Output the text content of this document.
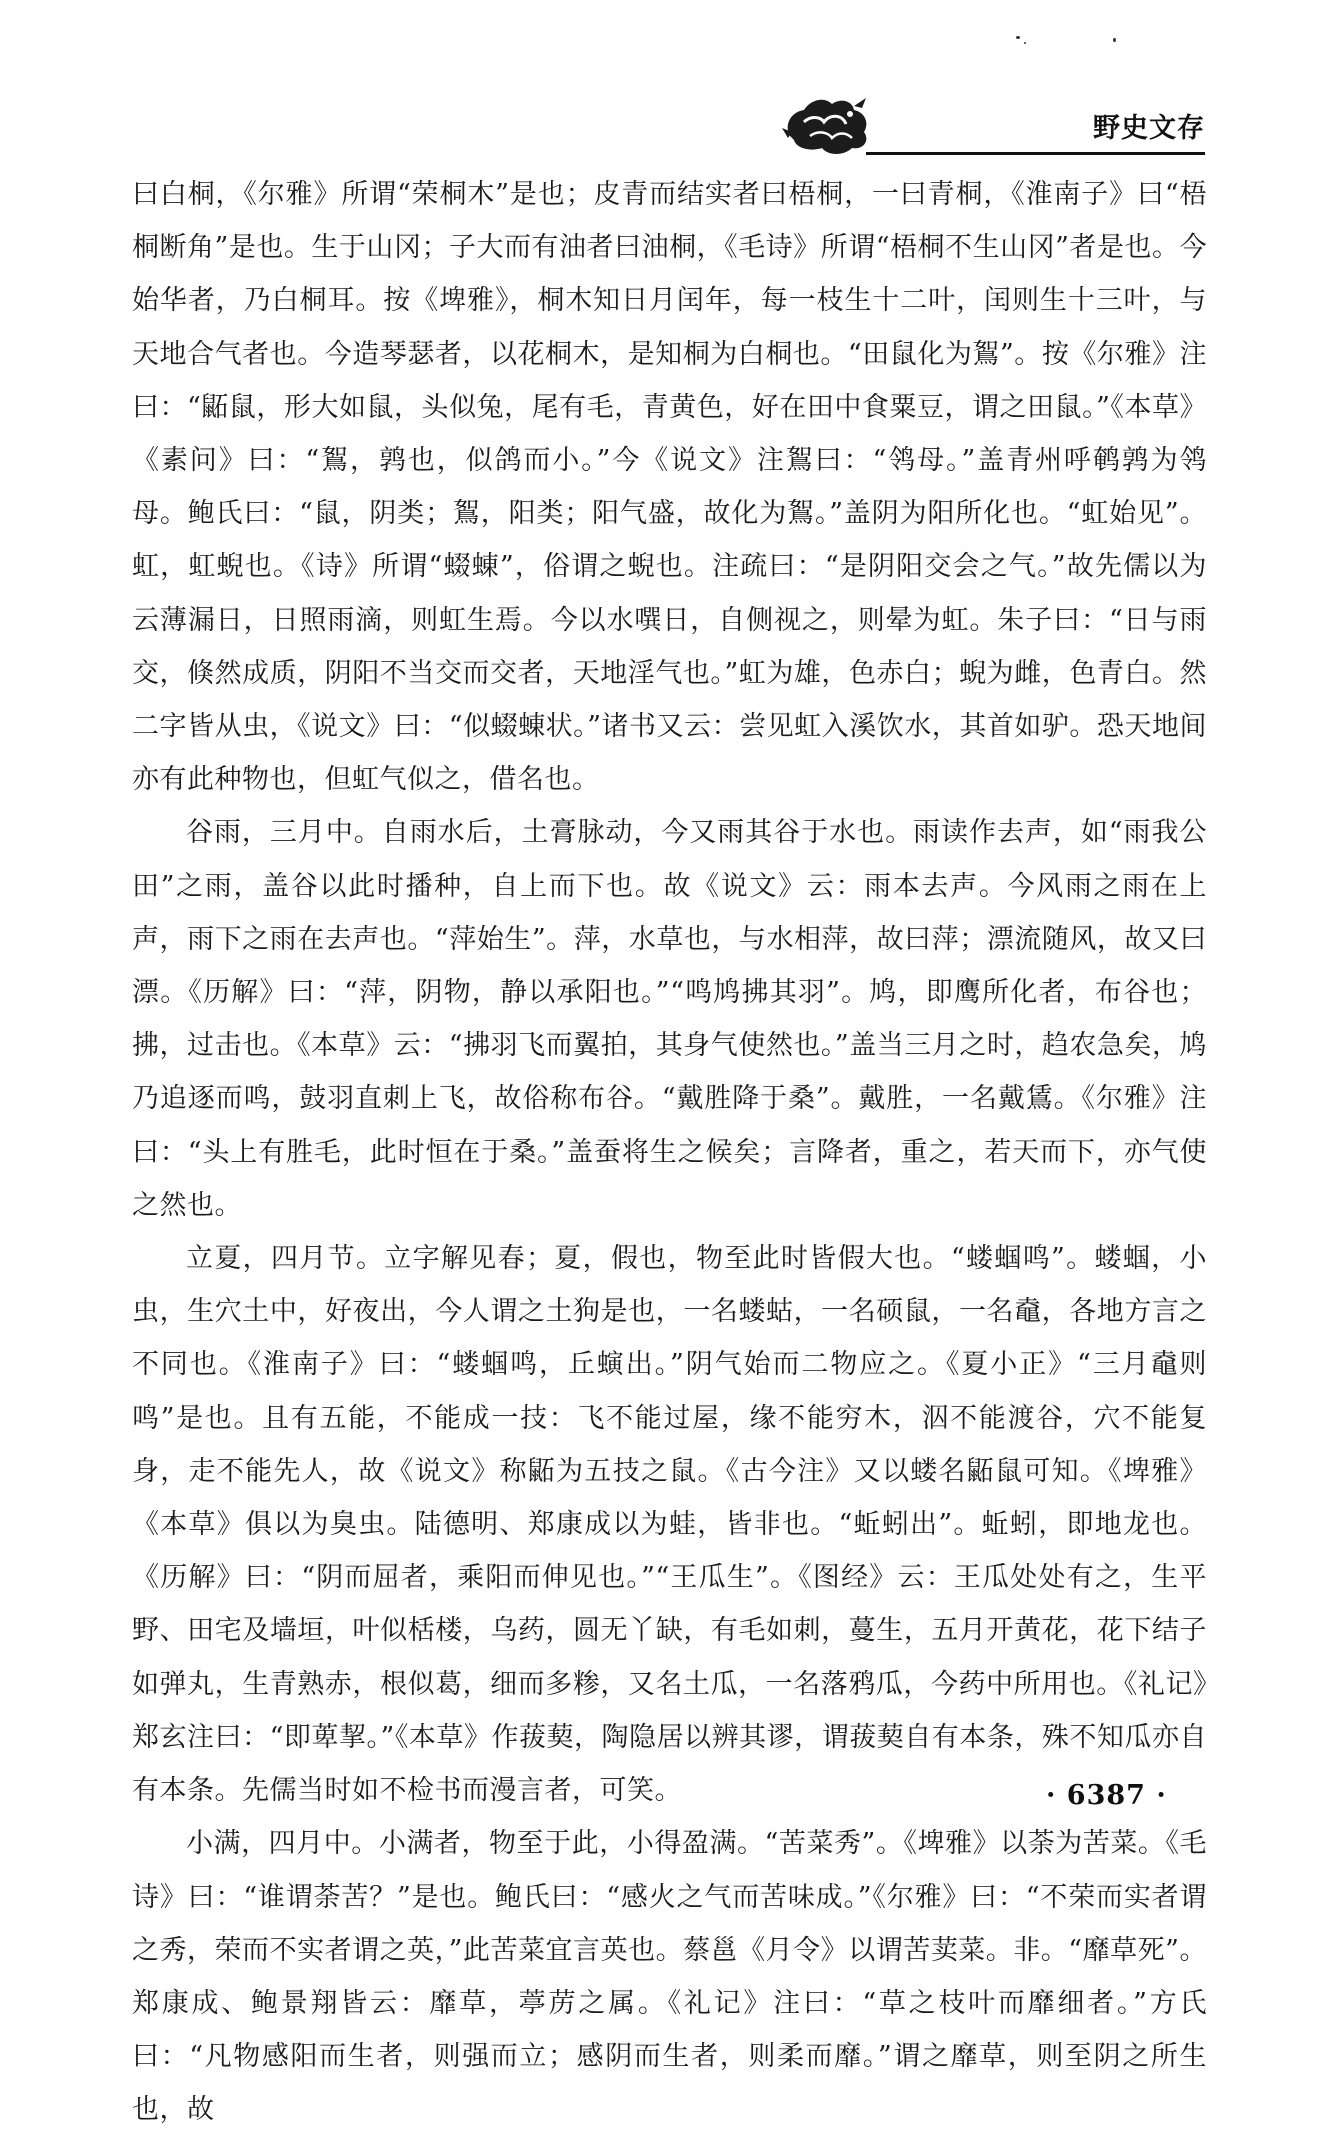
野史文存

曰白桐，《尔雅》所谓“荣桐木”是也；皮青而结实者曰梧桐，一曰青桐，《淮南子》曰“梧桐断角”是也。生于山冈；子大而有油者曰油桐，《毛诗》所谓“梧桐不生山冈”者是也。今始华者，乃白桐耳。按《埤雅》，桐木知日月闰年，每一枝生十二叶，闰则生十三叶，与天地合气者也。今造琴瑟者，以花桐木，是知桐为白桐也。“田鼠化为鴽”。按《尔雅》注曰：“鼫鼠，形大如鼠，头似兔，尾有毛，青黄色，好在田中食粟豆，谓之田鼠。”《本草》《素问》曰：“鴽，鹑也，似鸽而小。”今《说文》注鴽曰：“鸰母。”盖青州呼鹌鹑为鸰母。鲍氏曰：“鼠，阴类；鴽，阳类；阳气盛，故化为鴽。”盖阴为阳所化也。“虹始见”。虹，虹蜺也。《诗》所谓“蝃蝀”，俗谓之蜺也。注疏曰：“是阴阳交会之气。”故先儒以为云薄漏日，日照雨滴，则虹生焉。今以水噀日，自侧视之，则晕为虹。朱子曰：“日与雨交，倏然成质，阴阳不当交而交者，天地淫气也。”虹为雄，色赤白；蜺为雌，色青白。然二字皆从虫，《说文》曰：“似蝃蝀状。”诸书又云：尝见虹入溪饮水，其首如驴。恐天地间亦有此种物也，但虹气似之，借名也。

谷雨，三月中。自雨水后，土膏脉动，今又雨其谷于水也。雨读作去声，如“雨我公田”之雨，盖谷以此时播种，自上而下也。故《说文》云：雨本去声。今风雨之雨在上声，雨下之雨在去声也。“萍始生”。萍，水草也，与水相萍，故曰萍；漂流随风，故又曰漂。《历解》曰：“萍，阴物，静以承阳也。”“鸣鸠拂其羽”。鸠，即鹰所化者，布谷也；拂，过击也。《本草》云：“拂羽飞而翼拍，其身气使然也。”盖当三月之时，趋农急矣，鸠乃追逐而鸣，鼓羽直刺上飞，故俗称布谷。“戴胜降于桑”。戴胜，一名戴鵀。《尔雅》注曰：“头上有胜毛，此时恒在于桑。”盖蚕将生之候矣；言降者，重之，若天而下，亦气使之然也。

立夏，四月节。立字解见春；夏，假也，物至此时皆假大也。“蝼蝈鸣”。蝼蝈，小虫，生穴土中，好夜出，今人谓之土狗是也，一名蝼蛄，一名硕鼠，一名鼀，各地方言之不同也。《淮南子》曰：“蝼蝈鸣，丘螾出。”阴气始而二物应之。《夏小正》“三月鼀则鸣”是也。且有五能，不能成一技：飞不能过屋，缘不能穷木，泅不能渡谷，穴不能复身，走不能先人，故《说文》称鼫为五技之鼠。《古今注》又以蝼名鼫鼠可知。《埤雅》《本草》俱以为臭虫。陆德明、郑康成以为蛙，皆非也。“蚯蚓出”。蚯蚓，即地龙也。《历解》曰：“阴而屈者，乘阳而伸见也。”“王瓜生”。《图经》云：王瓜处处有之，生平野、田宅及墙垣，叶似栝楼，乌药，圆无丫缺，有毛如刺，蔓生，五月开黄花，花下结子如弹丸，生青熟赤，根似葛，细而多糁，又名土瓜，一名落鸦瓜，今药中所用也。《礼记》郑玄注曰：“即萆挈。”《本草》作菝葜，陶隐居以辨其谬，谓菝葜自有本条，殊不知瓜亦自有本条。先儒当时如不检书而漫言者，可笑。

小满，四月中。小满者，物至于此，小得盈满。“苦菜秀”。《埤雅》以荼为苦菜。《毛诗》曰：“谁谓荼苦？”是也。鲍氏曰：“感火之气而苦味成。”《尔雅》曰：“不荣而实者谓之秀，荣而不实者谓之英，”此苦菜宜言英也。蔡邕《月令》以谓苦荬菜。非。“靡草死”。郑康成、鲍景翔皆云：靡草，葶苈之属。《礼记》注曰：“草之枝叶而靡细者。”方氏曰：“凡物感阳而生者，则强而立；感阴而生者，则柔而靡。”谓之靡草，则至阴之所生也，故

· 6387 ·
